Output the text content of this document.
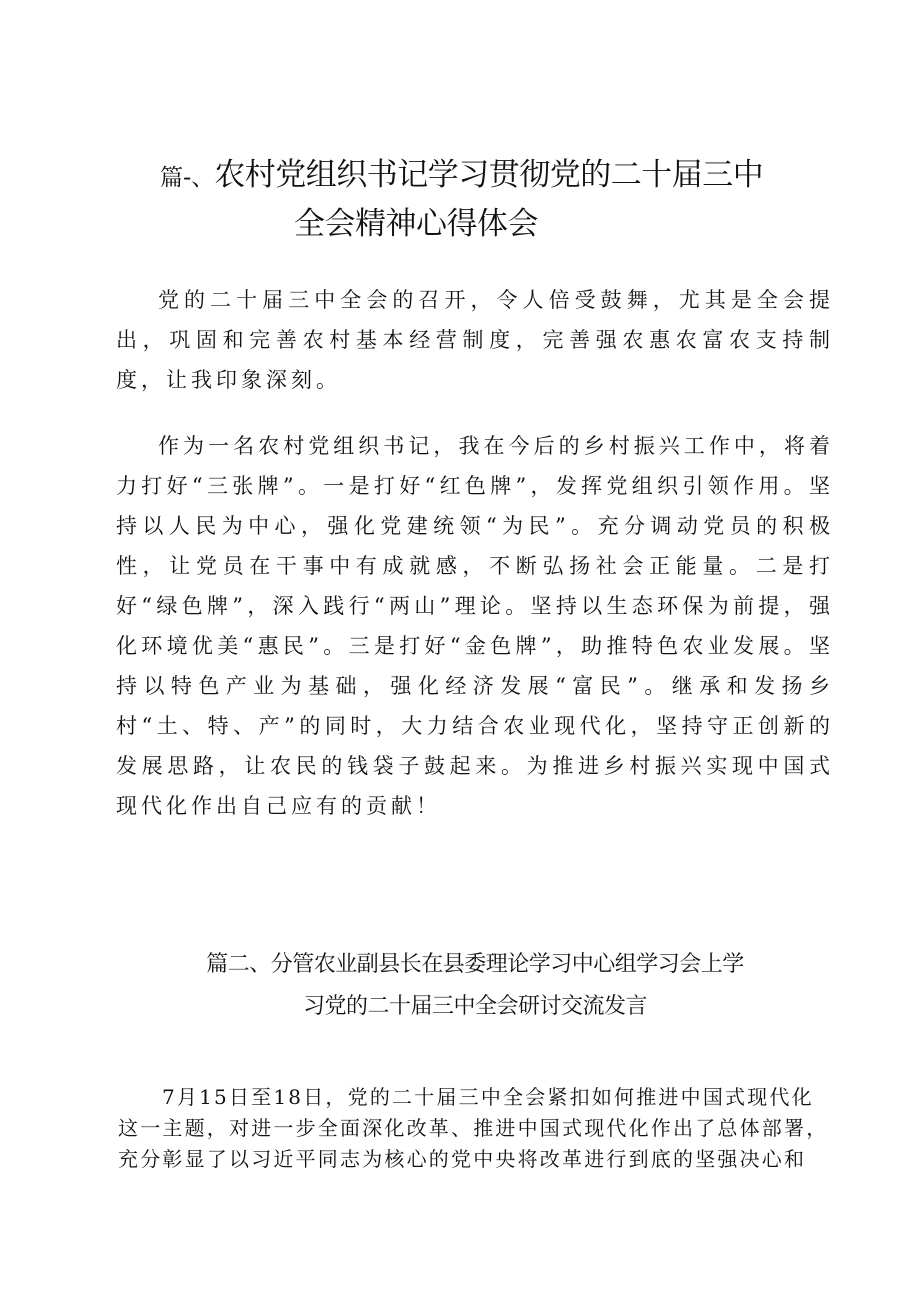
篇-、农村党组织书记学习贯彻党的二十届三中
全会精神心得体会

党的二十届三中全会的召开，令人倍受鼓舞，尤其是全会提出，巩固和完善农村基本经营制度，完善强农惠农富农支持制度，让我印象深刻。

作为一名农村党组织书记，我在今后的乡村振兴工作中，将着力打好“三张牌”。一是打好“红色牌”，发挥党组织引领作用。坚持以人民为中心，强化党建统领“为民”。充分调动党员的积极性，让党员在干事中有成就感，不断弘扬社会正能量。二是打好“绿色牌”，深入践行“两山”理论。坚持以生态环保为前提，强化环境优美“惠民”。三是打好“金色牌”，助推特色农业发展。坚持以特色产业为基础，强化经济发展“富民”。继承和发扬乡村“土、特、产”的同时，大力结合农业现代化，坚持守正创新的发展思路，让农民的钱袋子鼓起来。为推进乡村振兴实现中国式现代化作出自己应有的贡献！

篇二、分管农业副县长在县委理论学习中心组学习会上学
习党的二十届三中全会研讨交流发言

7月15日至18日，党的二十届三中全会紧扣如何推进中国式现代化
这一主题，对进一步全面深化改革、推进中国式现代化作出了总体部署，
充分彰显了以习近平同志为核心的党中央将改革进行到底的坚强决心和
